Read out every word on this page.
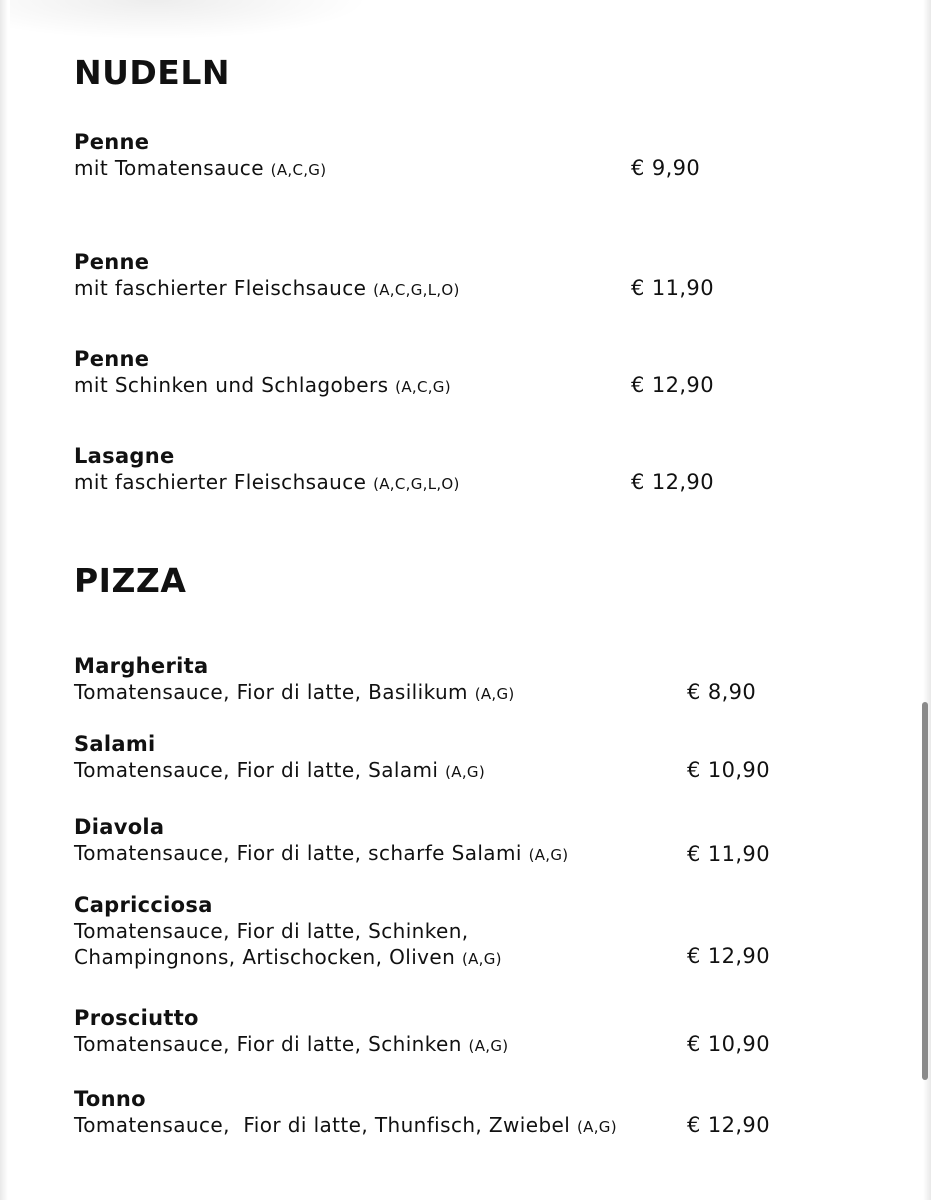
NUDELN
Penne
mit Tomatensauce (A,C,G)	€ 9,90
Penne
mit faschierter Fleischsauce (A,C,G,L,O)	€ 11,90
Penne
mit Schinken und Schlagobers (A,C,G)	€ 12,90
Lasagne
mit faschierter Fleischsauce (A,C,G,L,O)	€ 12,90
PIZZA
Margherita
Tomatensauce, Fior di latte, Basilikum (A,G)	€ 8,90
Salami
Tomatensauce, Fior di latte, Salami (A,G)	€ 10,90
Diavola
Tomatensauce, Fior di latte, scharfe Salami (A,G)	€ 11,90
Capricciosa
Tomatensauce, Fior di latte, Schinken,
Champingnons, Artischocken, Oliven (A,G)	€ 12,90
Prosciutto
Tomatensauce, Fior di latte, Schinken (A,G)	€ 10,90
Tonno
Tomatensauce,  Fior di latte, Thunfisch, Zwiebel (A,G)	€ 12,90
